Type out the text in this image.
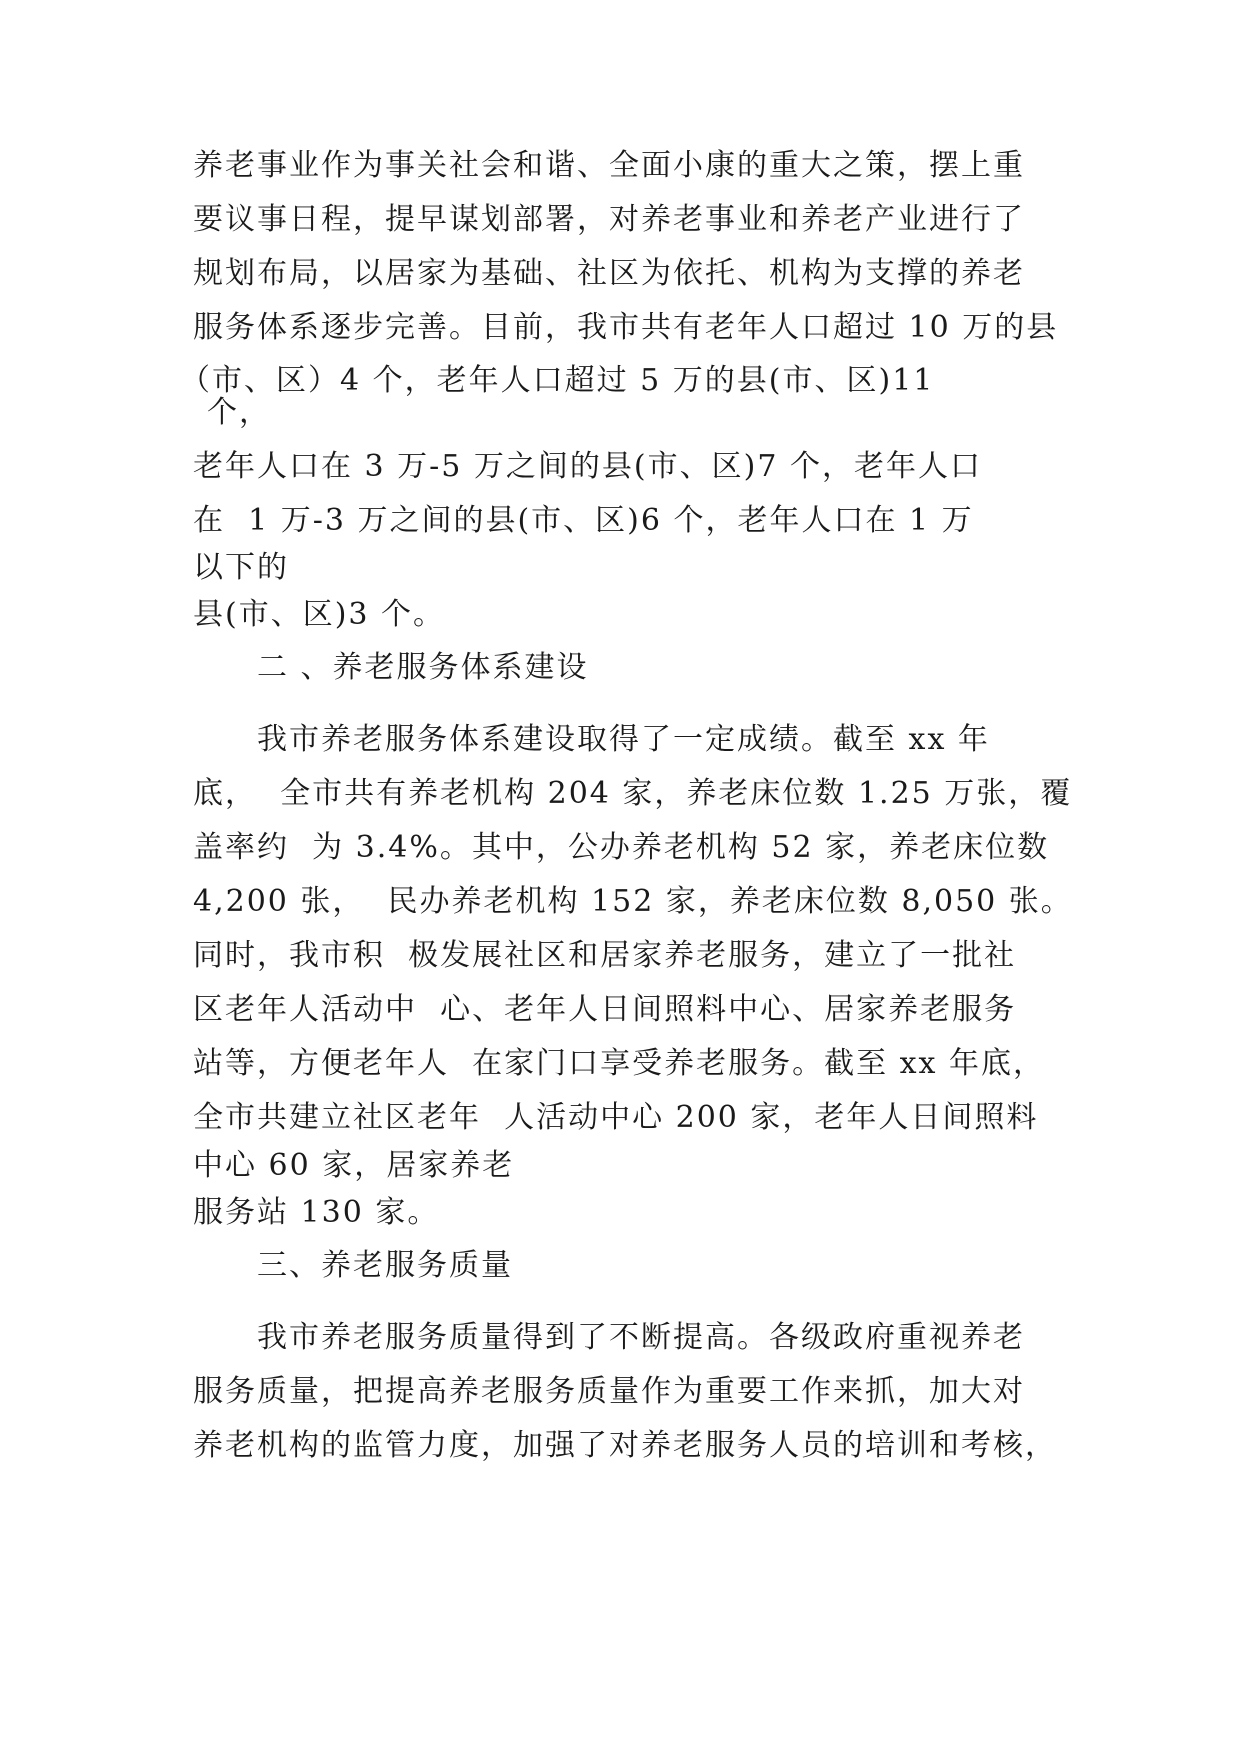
养老事业作为事关社会和谐、全面小康的重大之策，摆上重

要议事日程，提早谋划部署，对养老事业和养老产业进行了

规划布局，以居家为基础、社区为依托、机构为支撑的养老

服务体系逐步完善。目前，我市共有老年人口超过 10 万的县

（市、区）4 个，老年人口超过 5 万的县(市、区)11

个，

老年人口在 3 万-5 万之间的县(市、区)7 个，老年人口

在  1 万-3 万之间的县(市、区)6 个，老年人口在 1 万

以下的

县(市、区)3 个。

二 、养老服务体系建设

我市养老服务体系建设取得了一定成绩。截至 xx 年

底，  全市共有养老机构 204 家，养老床位数 1.25 万张，覆

盖率约  为 3.4%。其中，公办养老机构 52 家，养老床位数

4,200 张，  民办养老机构 152 家，养老床位数 8,050 张。

同时，我市积  极发展社区和居家养老服务，建立了一批社

区老年人活动中  心、老年人日间照料中心、居家养老服务

站等，方便老年人  在家门口享受养老服务。截至 xx 年底，

全市共建立社区老年  人活动中心 200 家，老年人日间照料

中心 60 家，居家养老

服务站 130 家。

三、养老服务质量

我市养老服务质量得到了不断提高。各级政府重视养老

服务质量，把提高养老服务质量作为重要工作来抓，加大对

养老机构的监管力度，加强了对养老服务人员的培训和考核，
